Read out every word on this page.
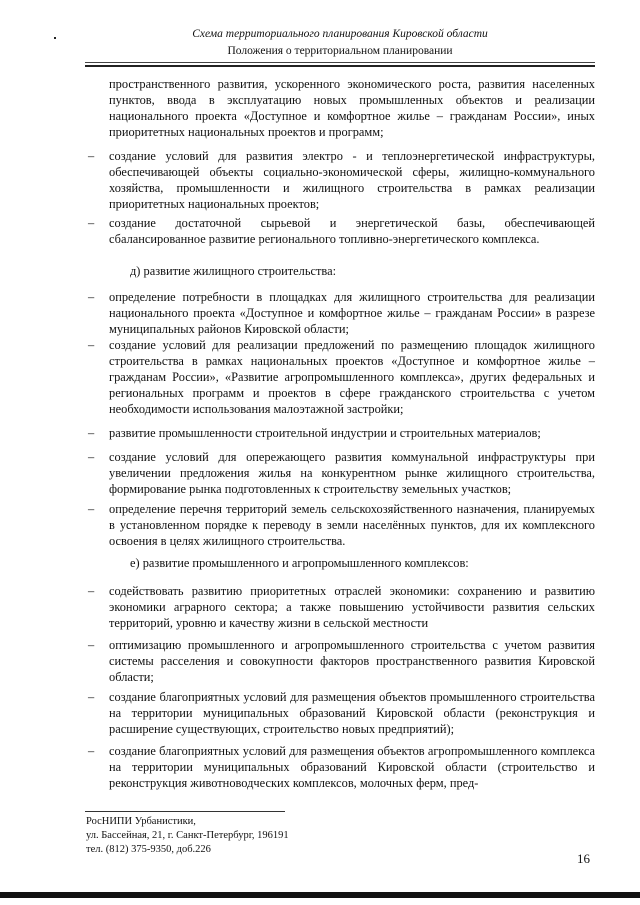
Схема территориального планирования Кировской области
Положения о территориальном планировании
пространственного развития, ускоренного экономического роста, развития населенных пунктов, ввода в эксплуатацию новых промышленных объектов и реализации национального проекта «Доступное и комфортное жилье – гражданам России», иных приоритетных национальных проектов и программ;
– создание условий для развития электро - и теплоэнергетической инфраструктуры, обеспечивающей объекты социально-экономической сферы, жилищно-коммунального хозяйства, промышленности и жилищного строительства в рамках реализации приоритетных национальных проектов;
– создание достаточной сырьевой и энергетической базы, обеспечивающей сбалансированное развитие регионального топливно-энергетического комплекса.
д) развитие жилищного строительства:
– определение потребности в площадках для жилищного строительства для реализации национального проекта «Доступное и комфортное жилье – гражданам России» в разрезе муниципальных районов Кировской области;
– создание условий для реализации предложений по размещению площадок жилищного строительства в рамках национальных проектов «Доступное и комфортное жилье – гражданам России», «Развитие агропромышленного комплекса», других федеральных и региональных программ и проектов в сфере гражданского строительства с учетом необходимости использования малоэтажной застройки;
– развитие промышленности строительной индустрии и строительных материалов;
– создание условий для опережающего развития коммунальной инфраструктуры при увеличении предложения жилья на конкурентном рынке жилищного строительства, формирование рынка подготовленных к строительству земельных участков;
– определение перечня территорий земель сельскохозяйственного назначения, планируемых в установленном порядке к переводу в земли населённых пунктов, для их комплексного освоения в целях жилищного строительства.
е) развитие промышленного и агропромышленного комплексов:
– содействовать развитию приоритетных отраслей экономики: сохранению и развитию экономики аграрного сектора; а также повышению устойчивости развития сельских территорий, уровню и качеству жизни в сельской местности
– оптимизацию промышленного и агропромышленного строительства с учетом развития системы расселения и совокупности факторов пространственного развития Кировской области;
– создание благоприятных условий для размещения объектов промышленного строительства на территории муниципальных образований Кировской области (реконструкция и расширение существующих, строительство новых предприятий);
– создание благоприятных условий для размещения объектов агропромышленного комплекса на территории муниципальных образований Кировской области (строительство и реконструкция животноводческих комплексов, молочных ферм, пред-
РосНИПИ Урбанистики,
ул. Бассейная, 21, г. Санкт-Петербург, 196191
тел. (812) 375-9350, доб.226
16
